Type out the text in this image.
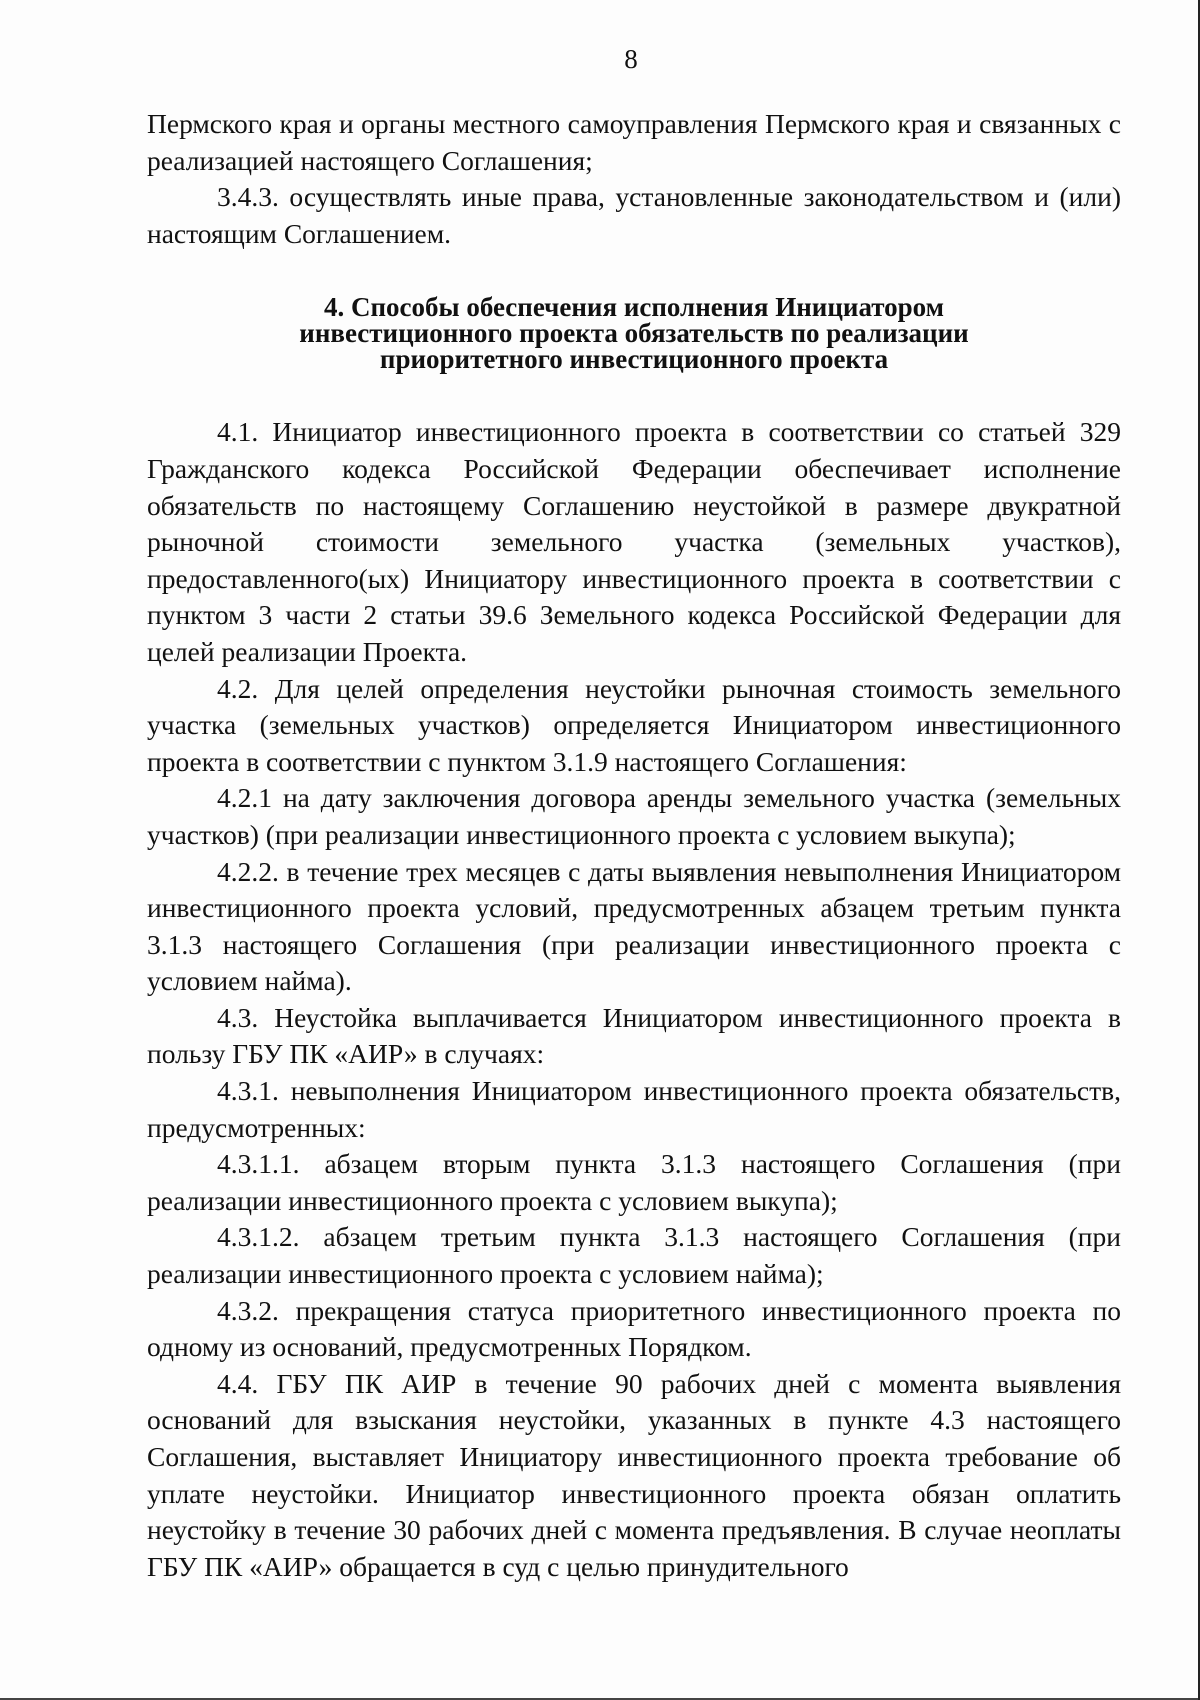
8

Пермского края и органы местного самоуправления Пермского края и связанных с реализацией настоящего Соглашения;

3.4.3. осуществлять иные права, установленные законодательством и (или) настоящим Соглашением.

4. Способы обеспечения исполнения Инициатором
инвестиционного проекта обязательств по реализации
приоритетного инвестиционного проекта

4.1. Инициатор инвестиционного проекта в соответствии со статьей 329 Гражданского кодекса Российской Федерации обеспечивает исполнение обязательств по настоящему Соглашению неустойкой в размере двукратной рыночной стоимости земельного участка (земельных участков), предоставленного(ых) Инициатору инвестиционного проекта в соответствии с пунктом 3 части 2 статьи 39.6 Земельного кодекса Российской Федерации для целей реализации Проекта.

4.2. Для целей определения неустойки рыночная стоимость земельного участка (земельных участков) определяется Инициатором инвестиционного проекта в соответствии с пунктом 3.1.9 настоящего Соглашения:

4.2.1 на дату заключения договора аренды земельного участка (земельных участков) (при реализации инвестиционного проекта с условием выкупа);

4.2.2. в течение трех месяцев с даты выявления невыполнения Инициатором инвестиционного проекта условий, предусмотренных абзацем третьим пункта 3.1.3 настоящего Соглашения (при реализации инвестиционного проекта с условием найма).

4.3. Неустойка выплачивается Инициатором инвестиционного проекта в пользу ГБУ ПК «АИР» в случаях:

4.3.1. невыполнения Инициатором инвестиционного проекта обязательств, предусмотренных:

4.3.1.1. абзацем вторым пункта 3.1.3 настоящего Соглашения (при реализации инвестиционного проекта с условием выкупа);

4.3.1.2. абзацем третьим пункта 3.1.3 настоящего Соглашения (при реализации инвестиционного проекта с условием найма);

4.3.2. прекращения статуса приоритетного инвестиционного проекта по одному из оснований, предусмотренных Порядком.

4.4. ГБУ ПК АИР в течение 90 рабочих дней с момента выявления оснований для взыскания неустойки, указанных в пункте 4.3 настоящего Соглашения, выставляет Инициатору инвестиционного проекта требование об уплате неустойки. Инициатор инвестиционного проекта обязан оплатить неустойку в течение 30 рабочих дней с момента предъявления. В случае неоплаты ГБУ ПК «АИР» обращается в суд с целью принудительного
